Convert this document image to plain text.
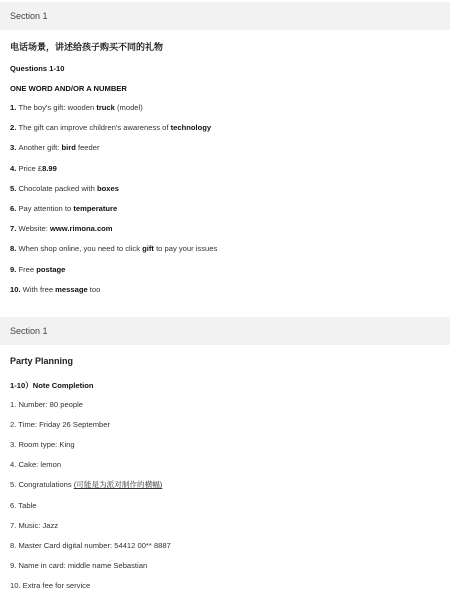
Section 1
电话场景，讲述给孩子购买不同的礼物
Questions 1-10
ONE WORD AND/OR A NUMBER
1. The boy's gift: wooden truck (model)
2. The gift can improve children's awareness of technology
3. Another gift: bird feeder
4. Price £8.99
5. Chocolate packed with boxes
6. Pay attention to temperature
7. Website: www.rimona.com
8. When shop online, you need to click gift to pay your issues
9. Free postage
10. With free message too
Section 1
Party Planning
1-10）Note Completion
1. Number: 80 people
2. Time: Friday 26 September
3. Room type: King
4. Cake: lemon
5. Congratulations (可能是为派对制作的横幅)
6. Table
7. Music: Jazz
8. Master Card digital number: 54412 00** 8887
9. Name in card: middle name Sebastian
10. Extra fee for service
